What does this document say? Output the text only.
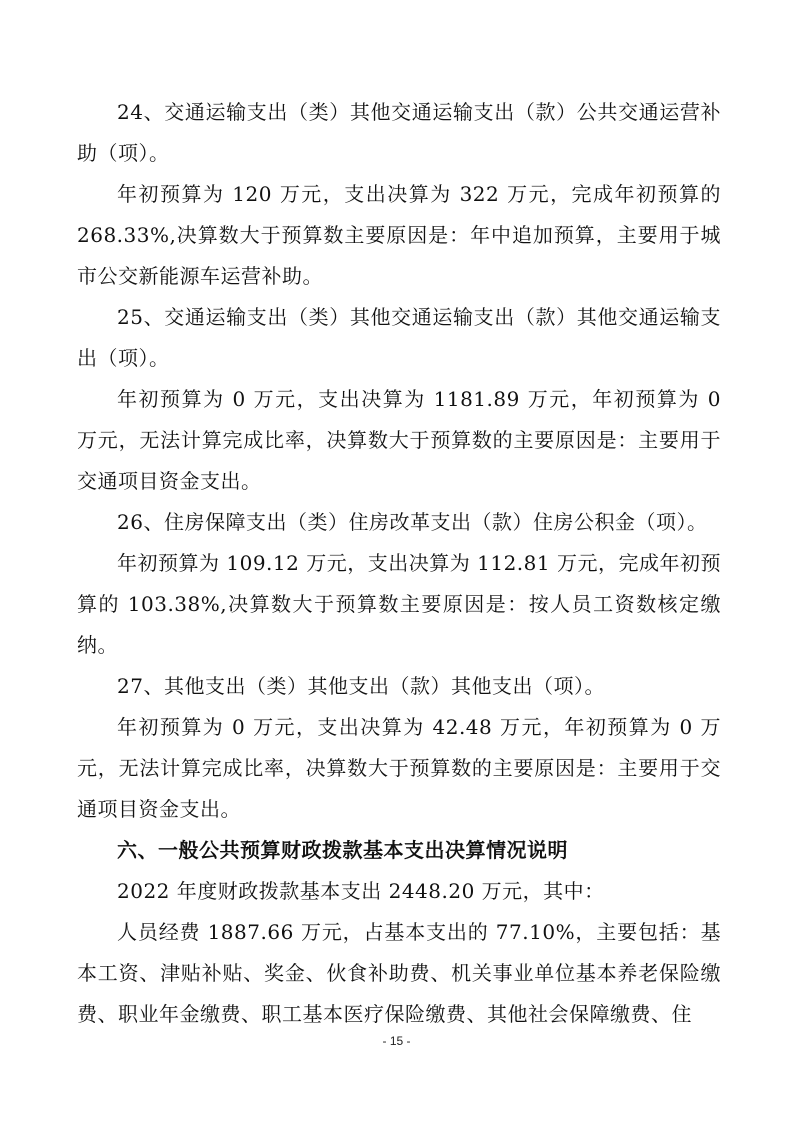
24、交通运输支出（类）其他交通运输支出（款）公共交通运营补助（项）。

年初预算为 120 万元，支出决算为 322 万元，完成年初预算的 268.33%,决算数大于预算数主要原因是：年中追加预算，主要用于城市公交新能源车运营补助。

25、交通运输支出（类）其他交通运输支出（款）其他交通运输支出（项）。

年初预算为 0 万元，支出决算为 1181.89 万元，年初预算为 0 万元，无法计算完成比率，决算数大于预算数的主要原因是：主要用于交通项目资金支出。

26、住房保障支出（类）住房改革支出（款）住房公积金（项）。

年初预算为 109.12 万元，支出决算为 112.81 万元，完成年初预算的 103.38%,决算数大于预算数主要原因是：按人员工资数核定缴纳。

27、其他支出（类）其他支出（款）其他支出（项）。

年初预算为 0 万元，支出决算为 42.48 万元，年初预算为 0 万元，无法计算完成比率，决算数大于预算数的主要原因是：主要用于交通项目资金支出。

六、一般公共预算财政拨款基本支出决算情况说明

2022 年度财政拨款基本支出 2448.20 万元，其中：

人员经费 1887.66 万元，占基本支出的 77.10%，主要包括：基本工资、津贴补贴、奖金、伙食补助费、机关事业单位基本养老保险缴费、职业年金缴费、职工基本医疗保险缴费、其他社会保障缴费、住

- 15 -
